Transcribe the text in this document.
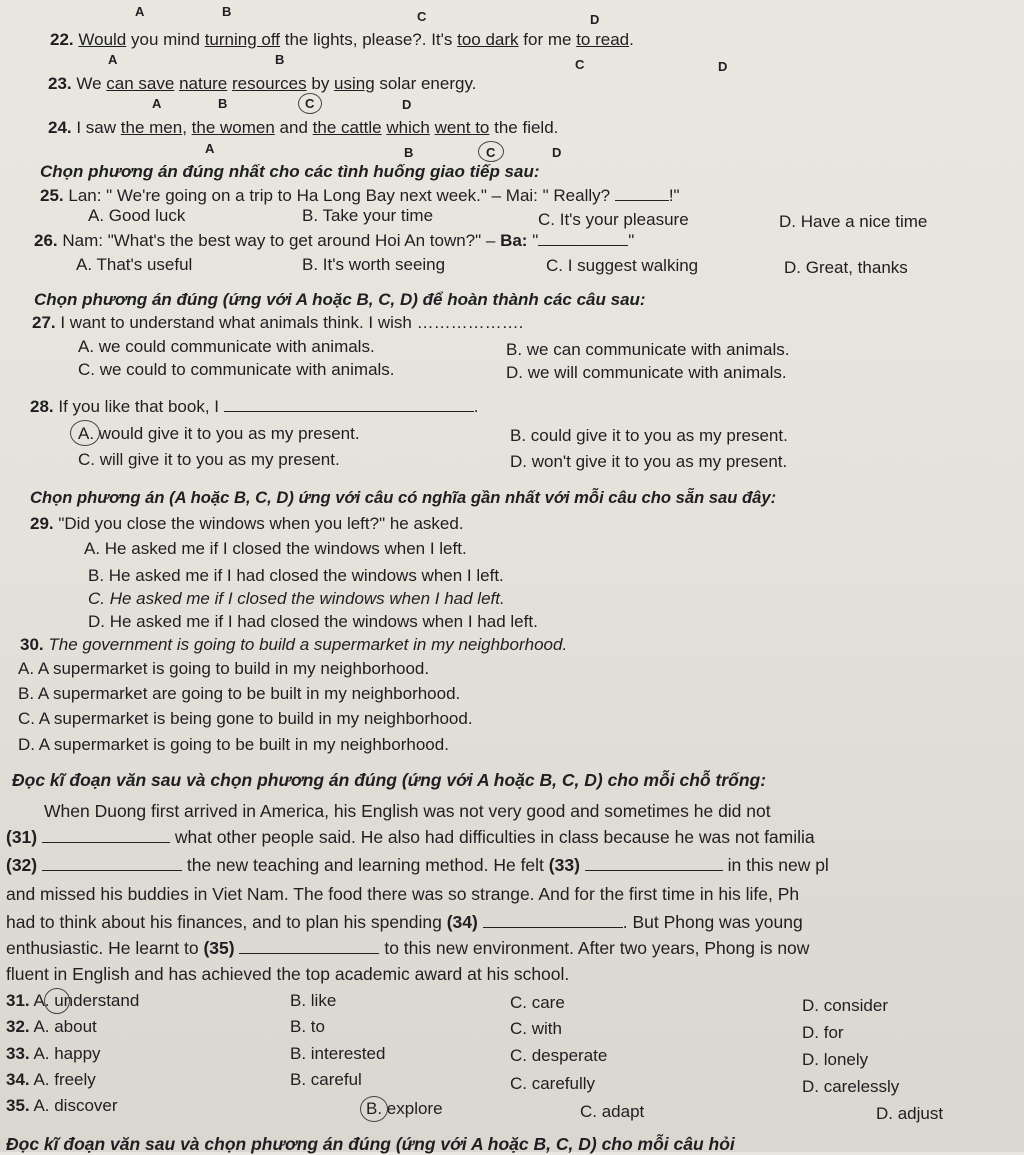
A	B	C	D
22. Would you mind turning off the lights, please?. It's too dark for me to read.
A	B	C	D
23. We can save nature resources by using solar energy.
A	B	C	D
24. I saw the men, the women and the cattle which went to the field.
A	B	C	D
Chọn phương án đúng nhất cho các tình huống giao tiếp sau:
25. Lan: " We're going on a trip to Ha Long Bay next week." – Mai: " Really?	!"
A. Good luck	B. Take your time	C. It's your pleasure	D. Have a nice time
26. Nam: "What's the best way to get around Hoi An town?" – Ba: "	"
A. That's useful	B. It's worth seeing	C. I suggest walking	D. Great, thanks
Chọn phương án đúng (ứng với A hoặc B, C, D) để hoàn thành các câu sau:
27. I want to understand what animals think. I wish ……………….
A. we could communicate with animals.	B. we can communicate with animals.
C. we could to communicate with animals.	D. we will communicate with animals.
28. If you like that book, I	.
A. would give it to you as my present.	B. could give it to you as my present.
C. will give it to you as my present.	D. won't give it to you as my present.
Chọn phương án (A hoặc B, C, D) ứng với câu có nghĩa gần nhất với mỗi câu cho sẵn sau đây:
29. "Did you close the windows when you left?" he asked.
A. He asked me if I closed the windows when I left.
B. He asked me if I had closed the windows when I left.
C. He asked me if I closed the windows when I had left.
D. He asked me if I had closed the windows when I had left.
30. The government is going to build a supermarket in my neighborhood.
A. A supermarket is going to build in my neighborhood.
B. A supermarket are going to be built in my neighborhood.
C. A supermarket is being gone to build in my neighborhood.
D. A supermarket is going to be built in my neighborhood.
Đọc kĩ đoạn văn sau và chọn phương án đúng (ứng với A hoặc B, C, D) cho mỗi chỗ trống:
When Duong first arrived in America, his English was not very good and sometimes he did not
(31)	what other people said. He also had difficulties in class because he was not familia
(32)	the new teaching and learning method. He felt (33)	in this new pl
and missed his buddies in Viet Nam. The food there was so strange. And for the first time in his life, Ph
had to think about his finances, and to plan his spending (34)	. But Phong was young
enthusiastic. He learnt to (35)	to this new environment. After two years, Phong is now
fluent in English and has achieved the top academic award at his school.
31. A. understand	B. like	C. care	D. consider
32. A. about	B. to	C. with	D. for
33. A. happy	B. interested	C. desperate	D. lonely
34. A. freely	B. careful	C. carefully	D. carelessly
35. A. discover	B. explore	C. adapt	D. adjust
Đọc kĩ đoạn văn sau và chọn phương án đúng (ứng với A hoặc B, C, D) cho mỗi câu hỏi
